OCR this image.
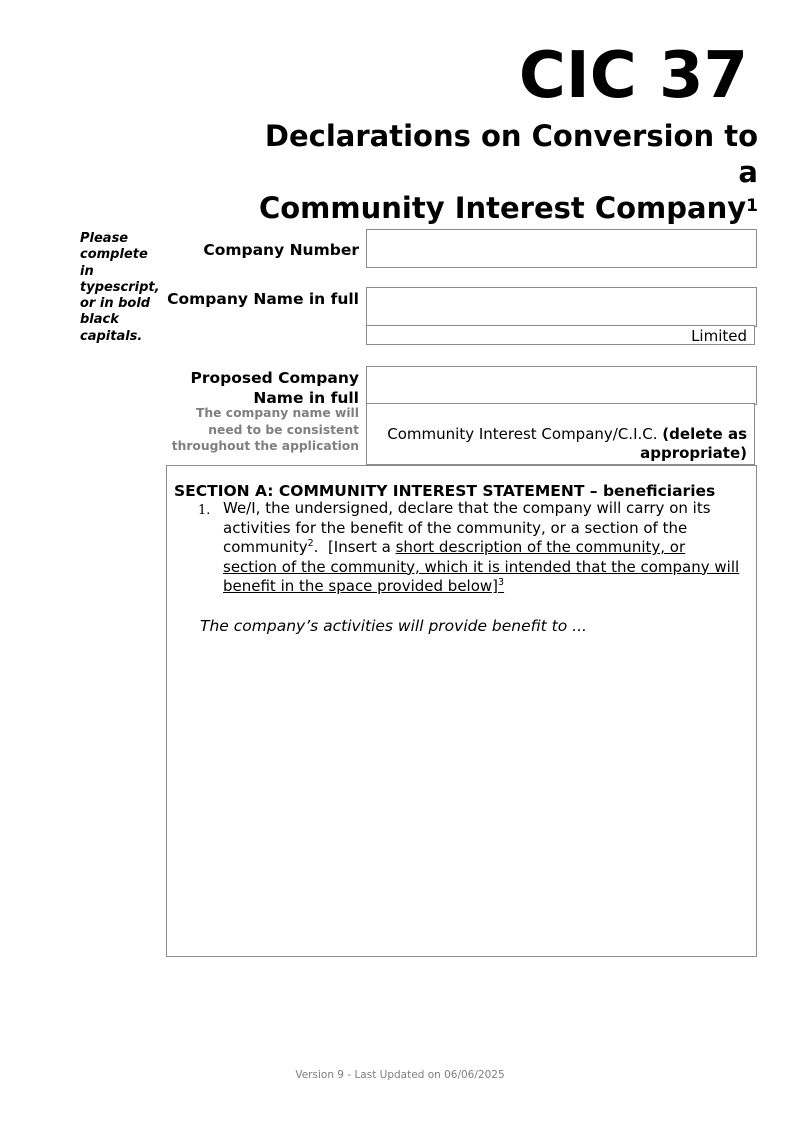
CIC 37
Declarations on Conversion to a
Community Interest Company$^1$
Please complete in typescript, or in bold black capitals.
Company Number
Company Name in full
Limited
Proposed Company
Name in full
The company name will need to be consistent throughout the application
Community Interest Company/C.I.C. (delete as appropriate)
SECTION A: COMMUNITY INTEREST STATEMENT – beneficiaries
1. We/I, the undersigned, declare that the company will carry on its activities for the benefit of the community, or a section of the community$^2$.  [Insert a short description of the community, or section of the community, which it is intended that the company will benefit in the space provided below]$^3$
The company’s activities will provide benefit to ...
Version 9 - Last Updated on 06/06/2025
